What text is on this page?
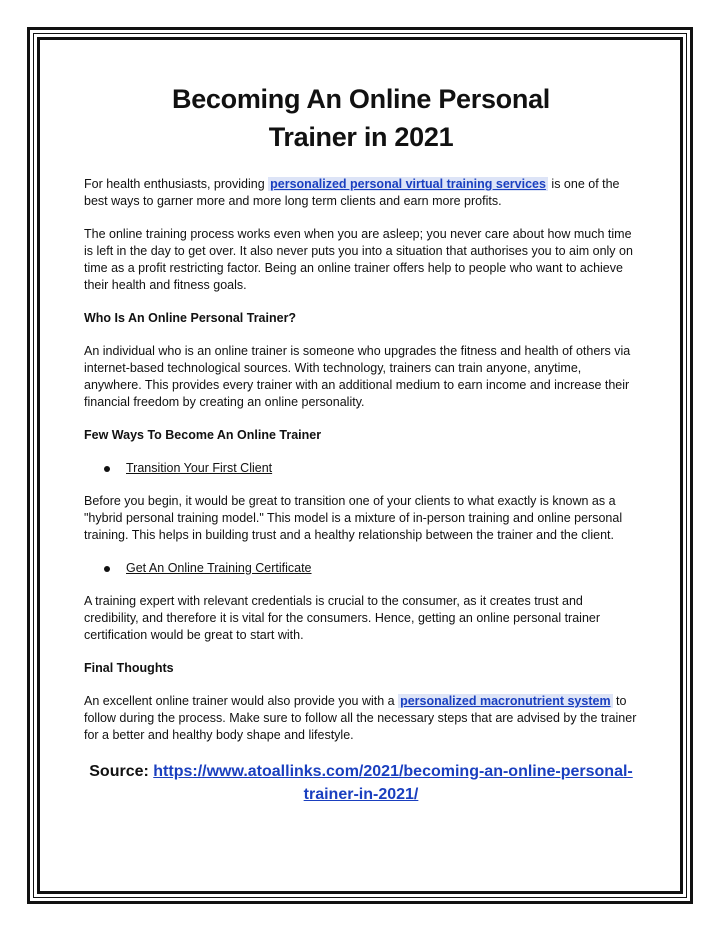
Becoming An Online Personal
Trainer in 2021

For health enthusiasts, providing personalized personal virtual training services is one of the best ways to garner more and more long term clients and earn more profits.

The online training process works even when you are asleep; you never care about how much time is left in the day to get over. It also never puts you into a situation that authorises you to aim only on time as a profit restricting factor. Being an online trainer offers help to people who want to achieve their health and fitness goals.

Who Is An Online Personal Trainer?

An individual who is an online trainer is someone who upgrades the fitness and health of others via internet-based technological sources. With technology, trainers can train anyone, anytime, anywhere. This provides every trainer with an additional medium to earn income and increase their financial freedom by creating an online personality.

Few Ways To Become An Online Trainer

Transition Your First Client

Before you begin, it would be great to transition one of your clients to what exactly is known as a "hybrid personal training model." This model is a mixture of in-person training and online personal training. This helps in building trust and a healthy relationship between the trainer and the client.

Get An Online Training Certificate

A training expert with relevant credentials is crucial to the consumer, as it creates trust and credibility, and therefore it is vital for the consumers. Hence, getting an online personal trainer certification would be great to start with.

Final Thoughts

An excellent online trainer would also provide you with a personalized macronutrient system to follow during the process. Make sure to follow all the necessary steps that are advised by the trainer for a better and healthy body shape and lifestyle.

Source: https://www.atoallinks.com/2021/becoming-an-online-personal-trainer-in-2021/
